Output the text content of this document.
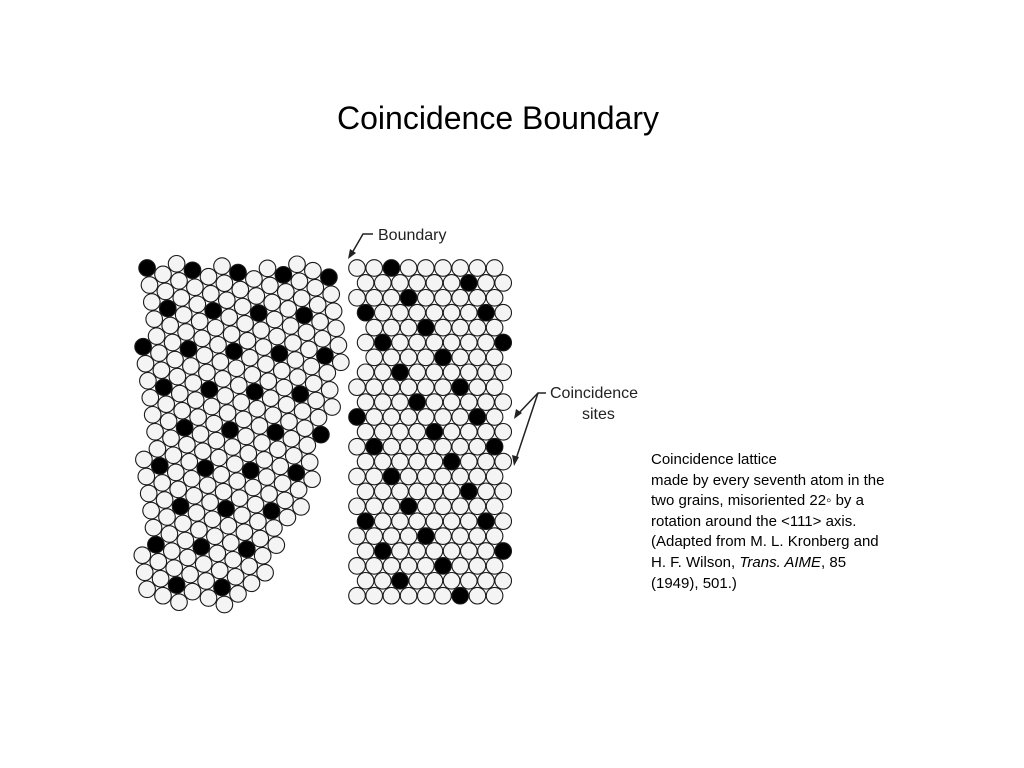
Coincidence Boundary
Boundary
Coincidence
sites

Coincidence lattice

made by every seventh atom in the

two grains, misoriented 22◦ by a

rotation around the <111> axis.

(Adapted from M. L. Kronberg and

H. F. Wilson, Trans. AIME, 85

(1949), 501.)
